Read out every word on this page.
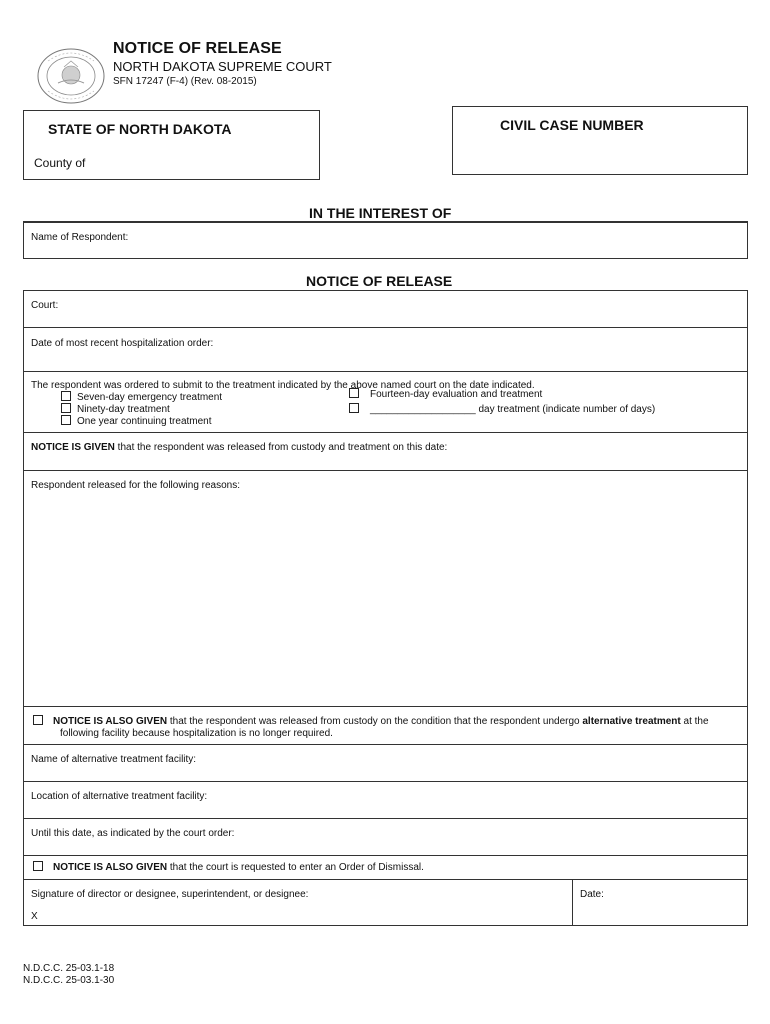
NOTICE OF RELEASE
NORTH DAKOTA SUPREME COURT
SFN 17247 (F-4) (Rev. 08-2015)
STATE OF NORTH DAKOTA
County of
CIVIL CASE NUMBER
IN THE INTEREST OF
Name of Respondent:
NOTICE OF RELEASE
Court:
Date of most recent hospitalization order:
The respondent was ordered to submit to the treatment indicated by the above named court on the date indicated.
Seven-day emergency treatment
Ninety-day treatment
One year continuing treatment
Fourteen-day evaluation and treatment
___________________ day treatment (indicate number of days)
NOTICE IS GIVEN that the respondent was released from custody and treatment on this date:
Respondent released for the following reasons:
NOTICE IS ALSO GIVEN that the respondent was released from custody on the condition that the respondent undergo alternative treatment at the
following facility because hospitalization is no longer required.
Name of alternative treatment facility:
Location of alternative treatment facility:
Until this date, as indicated by the court order:
NOTICE IS ALSO GIVEN that the court is requested to enter an Order of Dismissal.
Signature of director or designee, superintendent, or designee:
X
Date:
N.D.C.C. 25-03.1-18
N.D.C.C. 25-03.1-30
